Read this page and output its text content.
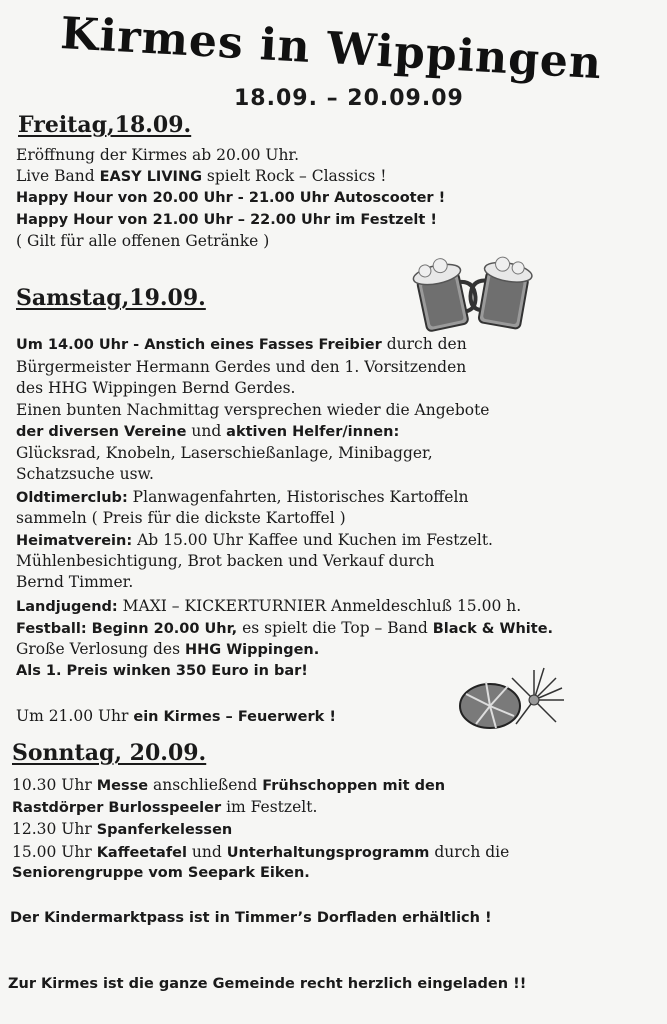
Kirmes in Wippingen
18.09. – 20.09.09
Freitag,18.09.
Eröffnung der Kirmes ab 20.00 Uhr.
Live Band EASY LIVING spielt Rock – Classics !
Happy Hour von 20.00 Uhr - 21.00 Uhr Autoscooter !
Happy Hour von 21.00 Uhr – 22.00 Uhr im Festzelt !
( Gilt für alle offenen Getränke )
Samstag,19.09.
Um 14.00 Uhr - Anstich eines Fasses Freibier durch den
Bürgermeister Hermann Gerdes und den 1. Vorsitzenden
des HHG Wippingen Bernd Gerdes.
Einen bunten Nachmittag versprechen wieder die Angebote
der diversen Vereine und aktiven Helfer/innen:
Glücksrad, Knobeln, Laserschießanlage, Minibagger,
Schatzsuche usw.
Oldtimerclub: Planwagenfahrten, Historisches Kartoffeln
sammeln ( Preis für die dickste Kartoffel )
Heimatverein: Ab 15.00 Uhr Kaffee und Kuchen im Festzelt.
Mühlenbesichtigung, Brot backen und Verkauf durch
Bernd Timmer.
Landjugend: MAXI – KICKERTURNIER Anmeldeschluß 15.00 h.
Festball: Beginn 20.00 Uhr, es spielt die Top – Band Black & White.
Große Verlosung des HHG Wippingen.
Als 1. Preis winken 350 Euro in bar!
Um 21.00 Uhr ein Kirmes – Feuerwerk !
Sonntag, 20.09.
10.30 Uhr Messe anschließend Frühschoppen mit den
Rastdörper Burlosspeeler im Festzelt.
12.30 Uhr Spanferkelessen
15.00 Uhr Kaffeetafel und Unterhaltungsprogramm durch die
Seniorengruppe vom Seepark Eiken.
Der Kindermarktpass ist in Timmer’s Dorfladen erhältlich !
Zur Kirmes ist die ganze Gemeinde recht herzlich eingeladen !!
